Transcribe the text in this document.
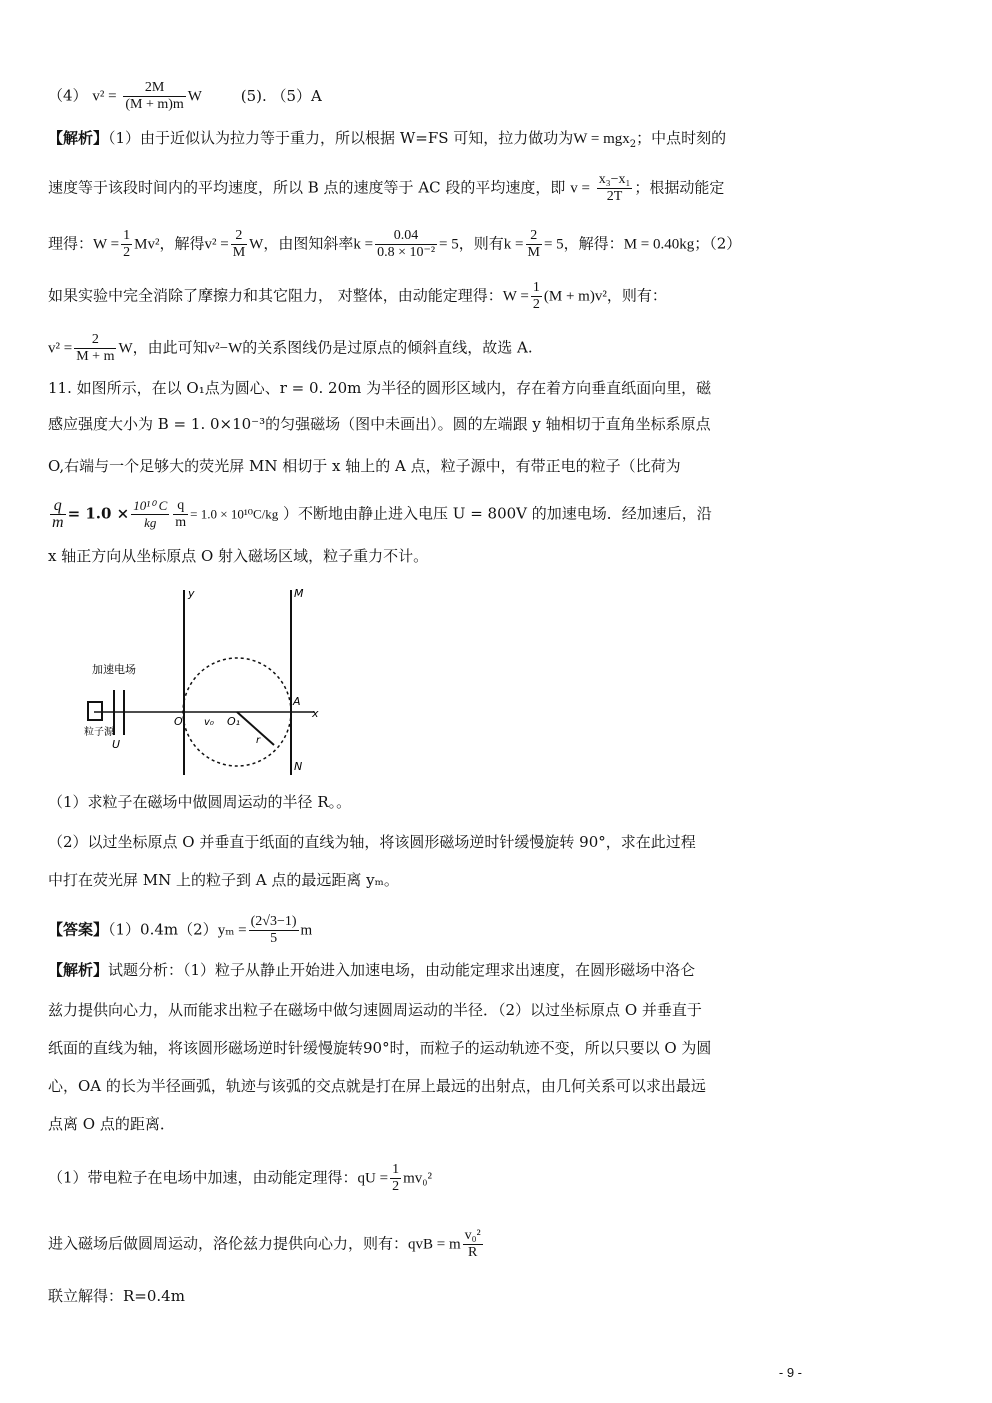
（4） $v^2 = \frac{2M}{(M + m)m}$ W	(5). （5）A
【解析】（1）由于近似认为拉力等于重力，所以根据 W=FS 可知，拉力做功为W = mgx$_2$；中点时刻的
速度等于该段时间内的平均速度，所以 B 点的速度等于 AC 段的平均速度，即 $v = \frac{\text{x₃−x₁}}{2T}$ ；根据动能定
理得：$W = \frac{1}{2} Mv^2$，解得$v^2 = \frac{2}{M}$ W，由图知斜率$k = \frac{0.04}{\text{0.8 × 10⁻²}} = 5$，则有$k = \frac{2}{M} = 5$，解得：M = 0.40kg；（2）
如果实验中完全消除了摩擦力和其它阻力， 对整体，由动能定理得：$W = \frac{1}{2} (M + m)v^2$，则有：
$v^2 = \frac{2}{M + m}$ W，由此可知v²−W的关系图线仍是过原点的倾斜直线，故选 A.
11. 如图所示，在以 O₁点为圆心、r = 0. 20m 为半径的圆形区域内，存在着方向垂直纸面向里，磁
感应强度大小为 B = 1. 0×10⁻³的匀强磁场（图中未画出）。圆的左端跟 y 轴相切于直角坐标系原点
O,右端与一个足够大的荧光屏 MN 相切于 x 轴上的 A 点，粒子源中，有带正电的粒子（比荷为
$\frac{q}{m} = 1.0 \times \frac{\text{10¹⁰ C}}{kg} \frac{q}{m} = 1.0 \times 10^{10}C/kg$ ）不断地由静止进入电压 U = 800V 的加速电场．经加速后，沿
x 轴正方向从坐标原点 O 射入磁场区域，粒子重力不计。
y	M
N
A
O	O₁
v₀
r
x
加速电场
粒子源
U
（1）求粒子在磁场中做圆周运动的半径 R。。
（2）以过坐标原点 O 并垂直于纸面的直线为轴，将该圆形磁场逆时针缓慢旋转 90°，求在此过程
中打在荧光屏 MN 上的粒子到 A 点的最远距离 yₘ。
【答案】$(1)0.4m(2)y_m = \frac{(2√3-1)}{5}$ m
【解析】试题分析：（1）粒子从静止开始进入加速电场，由动能定理求出速度，在圆形磁场中洛仑
兹力提供向心力，从而能求出粒子在磁场中做匀速圆周运动的半径．（2）以过坐标原点 O 并垂直于
纸面的直线为轴，将该圆形磁场逆时针缓慢旋转90°时，而粒子的运动轨迹不变，所以只要以 O 为圆
心，OA 的长为半径画弧，轨迹与该弧的交点就是打在屏上最远的出射点，由几何关系可以求出最远
点离 O 点的距离．
（1）带电粒子在电场中加速，由动能定理得：qU = $\frac{1}{2} mv_0^2$
进入磁场后做圆周运动，洛伦兹力提供向心力，则有：qvB = m $\frac{\text{v₀²}}{R}$
联立解得：R=0.4m
- 9 -
